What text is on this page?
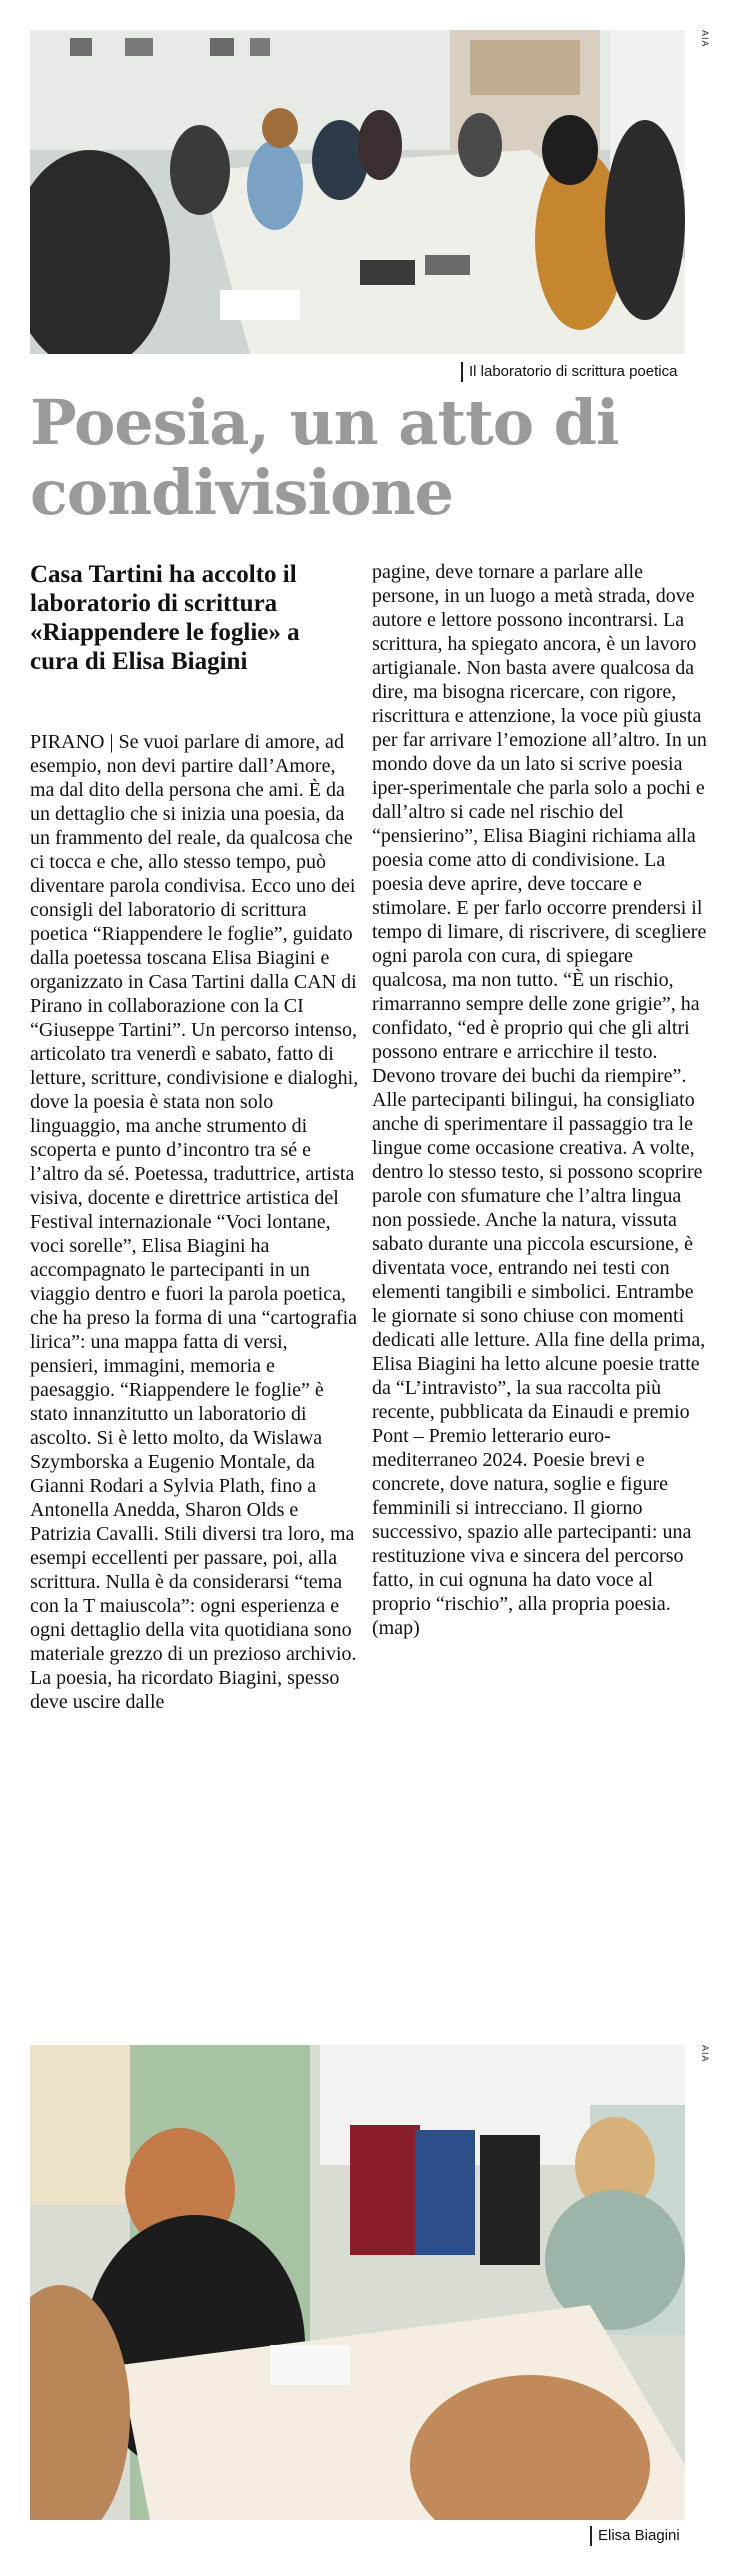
AIA
Il laboratorio di scrittura poetica
Poesia, un atto di condivisione
Casa Tartini ha accolto il laboratorio di scrittura «Riappendere le foglie» a cura di Elisa Biagini

PIRANO | Se vuoi parlare di amore, ad esempio, non devi partire dall’Amore, ma dal dito della persona che ami. È da un dettaglio che si inizia una poesia, da un frammento del reale, da qualcosa che ci tocca e che, allo stesso tempo, può diventare parola condivisa. Ecco uno dei consigli del laboratorio di scrittura poetica “Riappendere le foglie”, guidato dalla poetessa toscana Elisa Biagini e organizzato in Casa Tartini dalla CAN di Pirano in collaborazione con la CI “Giuseppe Tartini”. Un percorso intenso, articolato tra venerdì e sabato, fatto di letture, scritture, condivisione e dialoghi, dove la poesia è stata non solo linguaggio, ma anche strumento di scoperta e punto d’incontro tra sé e l’altro da sé. Poetessa, traduttrice, artista visiva, docente e direttrice artistica del Festival internazionale “Voci lontane, voci sorelle”, Elisa Biagini ha accompagnato le partecipanti in un viaggio dentro e fuori la parola poetica, che ha preso la forma di una “cartografia lirica”: una mappa fatta di versi, pensieri, immagini, memoria e paesaggio. “Riappendere le foglie” è stato innanzitutto un laboratorio di ascolto. Si è letto molto, da Wislawa Szymborska a Eugenio Montale, da Gianni Rodari a Sylvia Plath, fino a Antonella Anedda, Sharon Olds e Patrizia Cavalli. Stili diversi tra loro, ma esempi eccellenti per passare, poi, alla scrittura. Nulla è da considerarsi “tema con la T maiuscola”: ogni esperienza e ogni dettaglio della vita quotidiana sono materiale grezzo di un prezioso archivio. La poesia, ha ricordato Biagini, spesso deve uscire dalle

pagine, deve tornare a parlare alle persone, in un luogo a metà strada, dove autore e lettore possono incontrarsi. La scrittura, ha spiegato ancora, è un lavoro artigianale. Non basta avere qualcosa da dire, ma bisogna ricercare, con rigore, riscrittura e attenzione, la voce più giusta per far arrivare l’emozione all’altro. In un mondo dove da un lato si scrive poesia iper-sperimentale che parla solo a pochi e dall’altro si cade nel rischio del “pensierino”, Elisa Biagini richiama alla poesia come atto di condivisione. La poesia deve aprire, deve toccare e stimolare. E per farlo occorre prendersi il tempo di limare, di riscrivere, di scegliere ogni parola con cura, di spiegare qualcosa, ma non tutto. “È un rischio, rimarranno sempre delle zone grigie”, ha confidato, “ed è proprio qui che gli altri possono entrare e arricchire il testo. Devono trovare dei buchi da riempire”. Alle partecipanti bilingui, ha consigliato anche di sperimentare il passaggio tra le lingue come occasione creativa. A volte, dentro lo stesso testo, si possono scoprire parole con sfumature che l’altra lingua non possiede. Anche la natura, vissuta sabato durante una piccola escursione, è diventata voce, entrando nei testi con elementi tangibili e simbolici. Entrambe le giornate si sono chiuse con momenti dedicati alle letture. Alla fine della prima, Elisa Biagini ha letto alcune poesie tratte da “L’intravisto”, la sua raccolta più recente, pubblicata da Einaudi e premio Pont – Premio letterario euro-mediterraneo 2024. Poesie brevi e concrete, dove natura, soglie e figure femminili si intrecciano. Il giorno successivo, spazio alle partecipanti: una restituzione viva e sincera del percorso fatto, in cui ognuna ha dato voce al proprio “rischio”, alla propria poesia. (map)

AIA
Elisa Biagini
